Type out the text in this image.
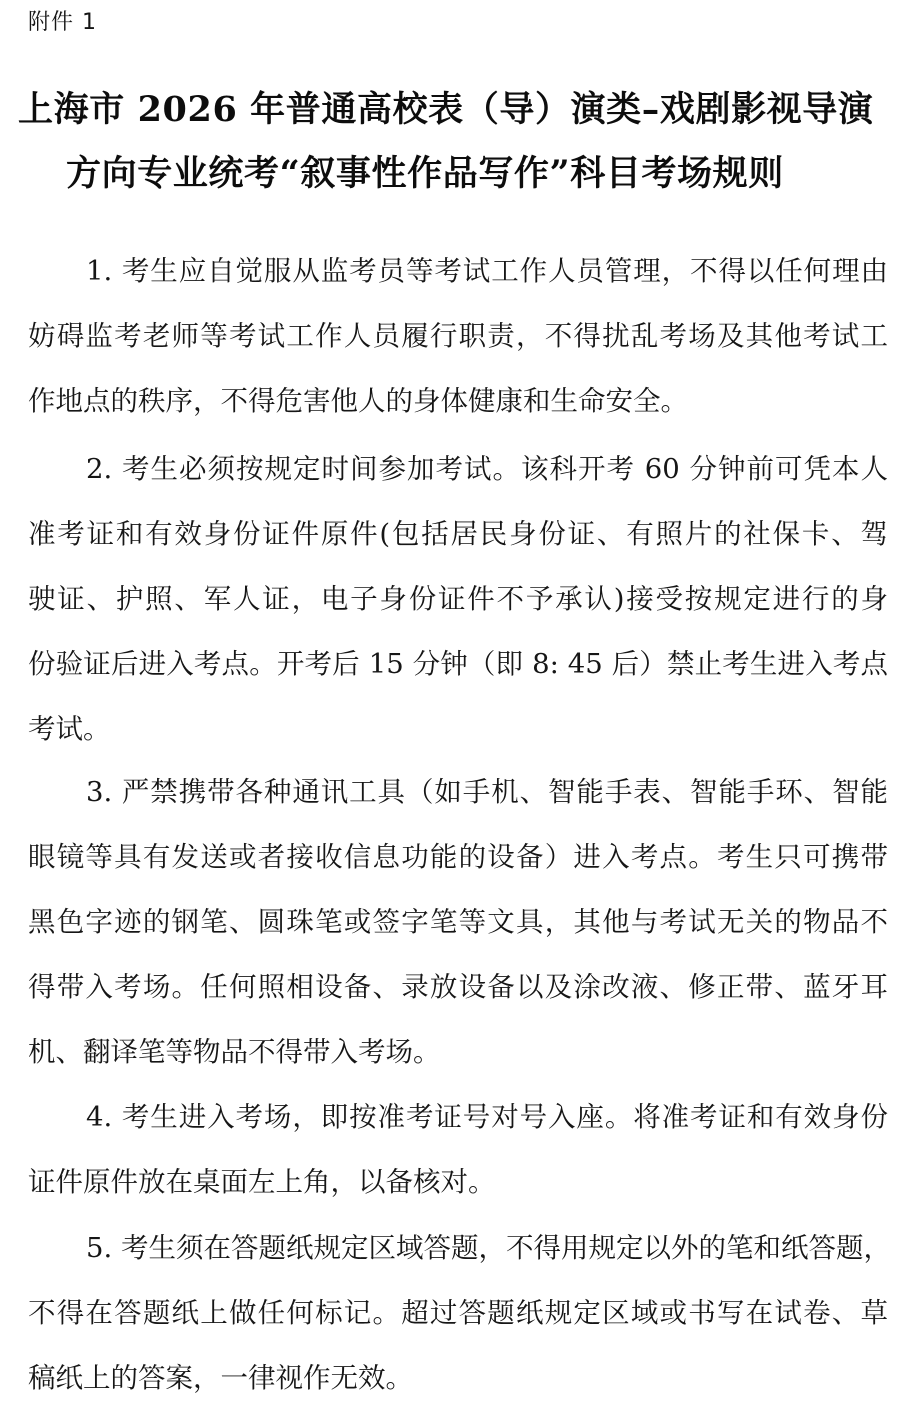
附件 1
上海市 2026 年普通高校表（导）演类–戏剧影视导演
方向专业统考“叙事性作品写作”科目考场规则
1. 考生应自觉服从监考员等考试工作人员管理，不得以任何理由
妨碍监考老师等考试工作人员履行职责，不得扰乱考场及其他考试工
作地点的秩序，不得危害他人的身体健康和生命安全。
2. 考生必须按规定时间参加考试。该科开考 60 分钟前可凭本人
准考证和有效身份证件原件(包括居民身份证、有照片的社保卡、驾
驶证、护照、军人证，电子身份证件不予承认)接受按规定进行的身
份验证后进入考点。开考后 15 分钟（即 8: 45 后）禁止考生进入考点
考试。
3. 严禁携带各种通讯工具（如手机、智能手表、智能手环、智能
眼镜等具有发送或者接收信息功能的设备）进入考点。考生只可携带
黑色字迹的钢笔、圆珠笔或签字笔等文具，其他与考试无关的物品不
得带入考场。任何照相设备、录放设备以及涂改液、修正带、蓝牙耳
机、翻译笔等物品不得带入考场。
4. 考生进入考场，即按准考证号对号入座。将准考证和有效身份
证件原件放在桌面左上角，以备核对。
5. 考生须在答题纸规定区域答题，不得用规定以外的笔和纸答题，
不得在答题纸上做任何标记。超过答题纸规定区域或书写在试卷、草
稿纸上的答案，一律视作无效。
